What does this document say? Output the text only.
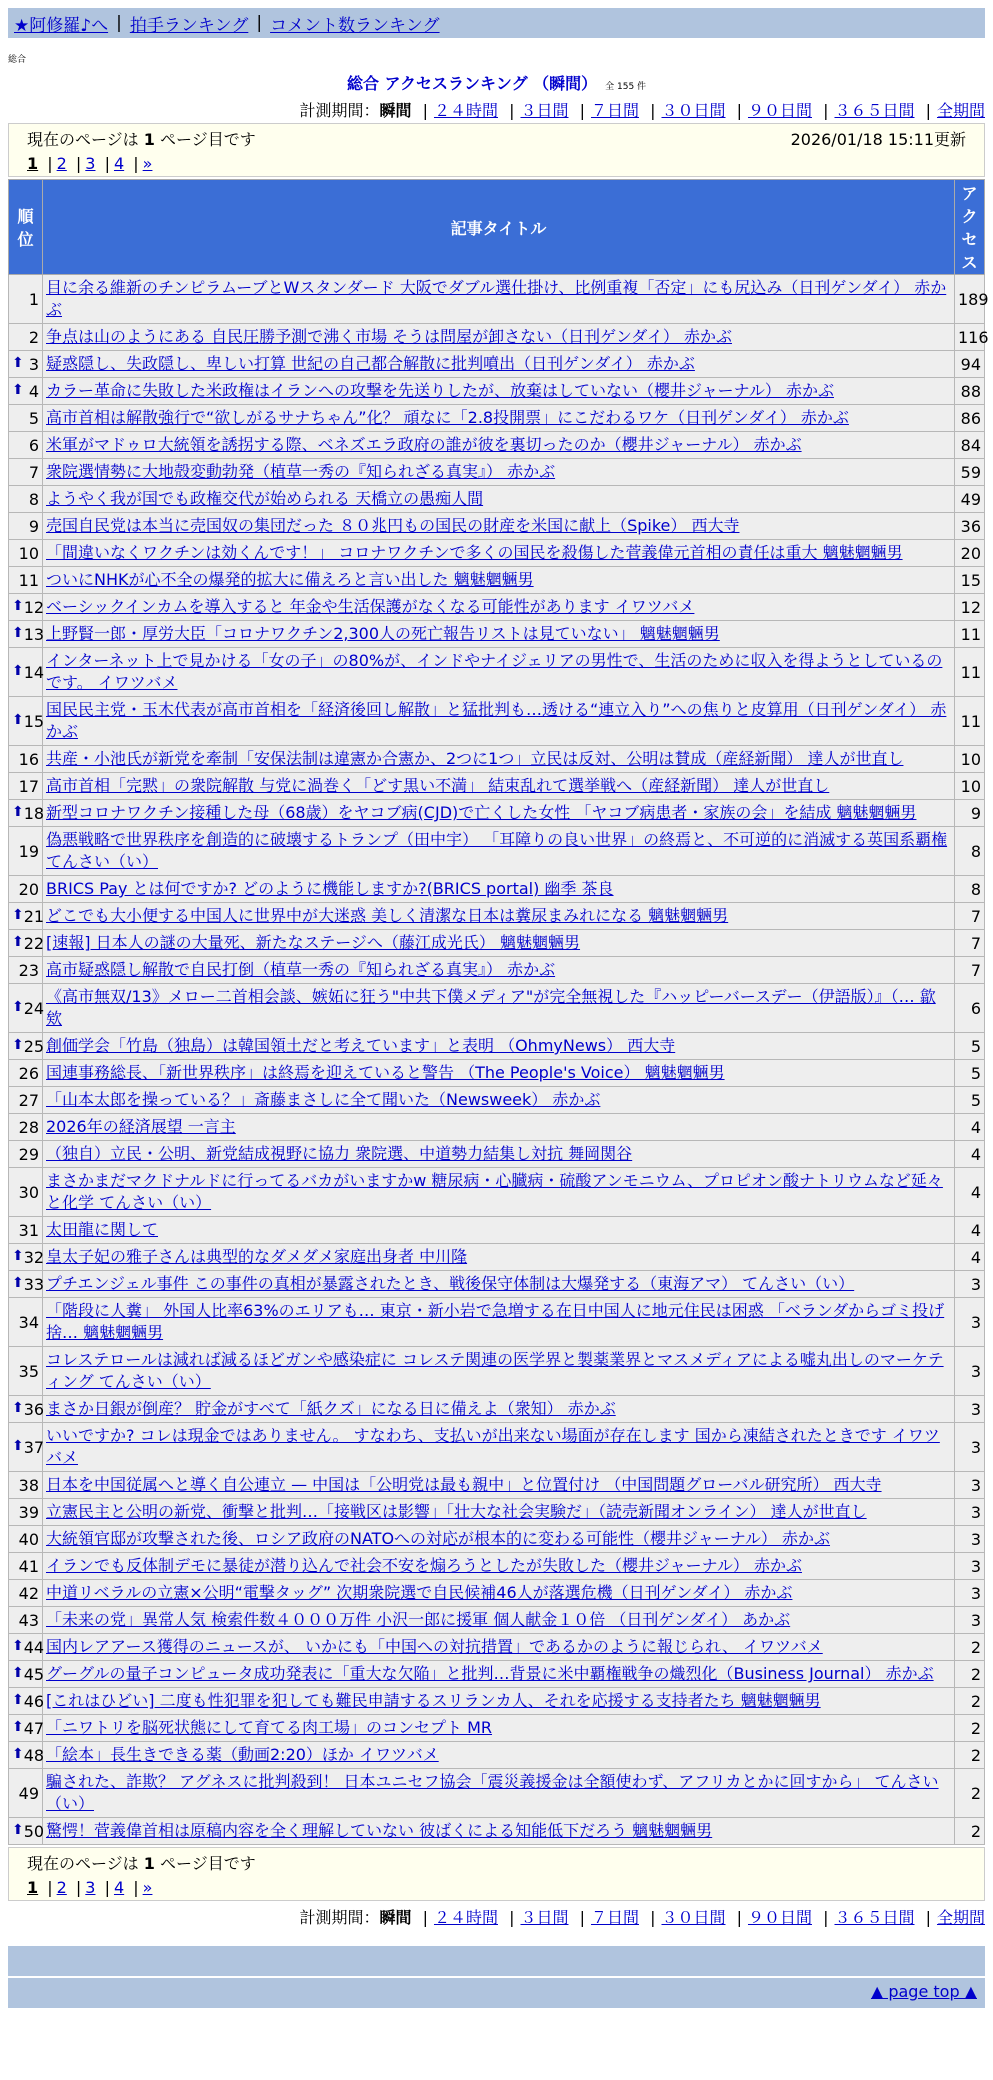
★阿修羅♪へ | 拍手ランキング | コメント数ランキング
総合
総合 アクセスランキング （瞬間） 全 155 件
計測期間：瞬間 | ２４時間 | ３日間 | ７日間 | ３０日間 | ９０日間 | ３６５日間 | 全期間
現在のページは 1 ページ目です	2026/01/18 15:11更新
1 | 2 | 3 | 4 | »
順位	記事タイトル	アクセス
1	目に余る維新のチンピラムーブとWスタンダード 大阪でダブル選仕掛け、比例重複「否定」にも尻込み（日刊ゲンダイ） 赤かぶ	189
2	争点は山のようにある 自民圧勝予測で沸く市場 そうは問屋が卸さない（日刊ゲンダイ） 赤かぶ	116

⬆ 3	疑惑隠し、失政隠し、卑しい打算 世紀の自己都合解散に批判噴出（日刊ゲンダイ） 赤かぶ	94

⬆ 4	カラー革命に失敗した米政権はイランへの攻撃を先送りしたが、放棄はしていない（櫻井ジャーナル） 赤かぶ	88
5	高市首相は解散強行で“欲しがるサナちゃん”化？ 頑なに「2.8投開票」にこだわるワケ（日刊ゲンダイ） 赤かぶ	86
6	米軍がマドゥロ大統領を誘拐する際、ベネズエラ政府の誰が彼を裏切ったのか（櫻井ジャーナル） 赤かぶ	84
7	衆院選情勢に大地殻変動勃発（植草一秀の『知られざる真実』） 赤かぶ	59
8	ようやく我が国でも政権交代が始められる 天橋立の愚痴人間	49
9	売国自民党は本当に売国奴の集団だった ８０兆円もの国民の財産を米国に献上（Spike） 西大寺	36
10	「間違いなくワクチンは効くんです！」 コロナワクチンで多くの国民を殺傷した菅義偉元首相の責任は重大 魑魅魍魎男	20
11	ついにNHKが心不全の爆発的拡大に備えろと言い出した 魑魅魍魎男	15

⬆ 12	ベーシックインカムを導入すると 年金や生活保護がなくなる可能性があります イワツバメ	12

⬆ 13	上野賢一郎・厚労大臣「コロナワクチン2,300人の死亡報告リストは見ていない」 魑魅魍魎男	11

⬆ 14	インターネット上で見かける「女の子」の80%が、インドやナイジェリアの男性で、生活のために収入を得ようとしているのです。 イワツバメ	11

⬆ 15	国民民主党・玉木代表が高市首相を「経済後回し解散」と猛批判も…透ける“連立入り”への焦りと皮算用（日刊ゲンダイ） 赤かぶ	11
16	共産・小池氏が新党を牽制「安保法制は違憲か合憲か、2つに1つ」立民は反対、公明は賛成（産経新聞） 達人が世直し	10
17	高市首相「完黙」の衆院解散 与党に渦巻く「どす黒い不満」 結束乱れて選挙戦へ（産経新聞） 達人が世直し	10

⬆ 18	新型コロナワクチン接種した母（68歳）をヤコブ病(CJD)で亡くした女性 「ヤコブ病患者・家族の会」を結成 魑魅魍魎男	9
19	偽悪戦略で世界秩序を創造的に破壊するトランプ（田中宇） 「耳障りの良い世界」の終焉と、不可逆的に消滅する英国系覇権 てんさい（い）	8
20	BRICS Pay とは何ですか? どのように機能しますか?(BRICS portal) 幽季 茶良	8

⬆ 21	どこでも大小便する中国人に世界中が大迷惑 美しく清潔な日本は糞尿まみれになる 魑魅魍魎男	7

⬆ 22	[速報] 日本人の謎の大量死、新たなステージへ（藤江成光氏） 魑魅魍魎男	7
23	高市疑惑隠し解散で自民打倒（植草一秀の『知られざる真実』） 赤かぶ	7

⬆ 24	《高市無双/13》メロー二首相会談、嫉妬に狂う"中共下僕メディア"が完全無視した『ハッピーバースデー（伊語版）』（… 歙欸	6

⬆ 25	創価学会「竹島（独島）は韓国領土だと考えています」と表明 （OhmyNews） 西大寺	5
26	国連事務総長、「新世界秩序」は終焉を迎えていると警告 （The People's Voice） 魑魅魍魎男	5
27	「山本太郎を操っている？」斎藤まさしに全て聞いた（Newsweek） 赤かぶ	5
28	2026年の経済展望 一言主	4
29	（独自）立民・公明、新党結成視野に協力 衆院選、中道勢力結集し対抗 舞岡関谷	4
30	まさかまだマクドナルドに行ってるバカがいますかw 糖尿病・心臓病・硫酸アンモニウム、プロピオン酸ナトリウムなど延々と化学 てんさい（い）	4
31	太田龍に関して	4

⬆ 32	皇太子妃の雅子さんは典型的なダメダメ家庭出身者 中川隆	4

⬆ 33	プチエンジェル事件 この事件の真相が暴露されたとき、戦後保守体制は大爆発する（東海アマ） てんさい（い）	3
34	「階段に人糞」 外国人比率63%のエリアも… 東京・新小岩で急増する在日中国人に地元住民は困惑 「ベランダからゴミ投げ捨… 魑魅魍魎男	3
35	コレステロールは減れば減るほどガンや感染症に コレステ関連の医学界と製薬業界とマスメディアによる嘘丸出しのマーケティング てんさい（い）	3

⬆ 36	まさか日銀が倒産？ 貯金がすべて「紙クズ」になる日に備えよ（衆知） 赤かぶ	3

⬆ 37	いいですか? コレは現金ではありません。 すなわち、支払いが出来ない場面が存在します 国から凍結されたときです イワツバメ	3
38	日本を中国従属へと導く自公連立 — 中国は「公明党は最も親中」と位置付け （中国問題グローバル研究所） 西大寺	3
39	立憲民主と公明の新党、衝撃と批判…「接戦区は影響」「壮大な社会実験だ」（読売新聞オンライン） 達人が世直し	3
40	大統領官邸が攻撃された後、ロシア政府のNATOへの対応が根本的に変わる可能性（櫻井ジャーナル） 赤かぶ	3
41	イランでも反体制デモに暴徒が潜り込んで社会不安を煽ろうとしたが失敗した（櫻井ジャーナル） 赤かぶ	3
42	中道リベラルの立憲×公明“電撃タッグ” 次期衆院選で自民候補46人が落選危機（日刊ゲンダイ） 赤かぶ	3
43	「未来の党」異常人気 検索件数４０００万件 小沢一郎に援軍 個人献金１０倍 （日刊ゲンダイ） あかぶ	3

⬆ 44	国内レアアース獲得のニュースが、 いかにも「中国への対抗措置」であるかのように報じられ、 イワツバメ	2

⬆ 45	グーグルの量子コンピュータ成功発表に「重大な欠陥」と批判…背景に米中覇権戦争の熾烈化（Business Journal） 赤かぶ	2

⬆ 46	[これはひどい] 二度も性犯罪を犯しても難民申請するスリランカ人、それを応援する支持者たち 魑魅魍魎男	2

⬆ 47	「ニワトリを脳死状態にして育てる肉工場」のコンセプト MR	2

⬆ 48	「絵本」長生きできる薬（動画2:20）ほか イワツバメ	2
49	騙された、詐欺？ アグネスに批判殺到！ 日本ユニセフ協会「震災義援金は全額使わず、アフリカとかに回すから」 てんさい（い）	2

⬆ 50	驚愕！菅義偉首相は原稿内容を全く理解していない 彼ばくによる知能低下だろう 魑魅魍魎男	2
現在のページは 1 ページ目です
1 | 2 | 3 | 4 | »
計測期間：瞬間 | ２４時間 | ３日間 | ７日間 | ３０日間 | ９０日間 | ３６５日間 | 全期間
▲ page top ▲
